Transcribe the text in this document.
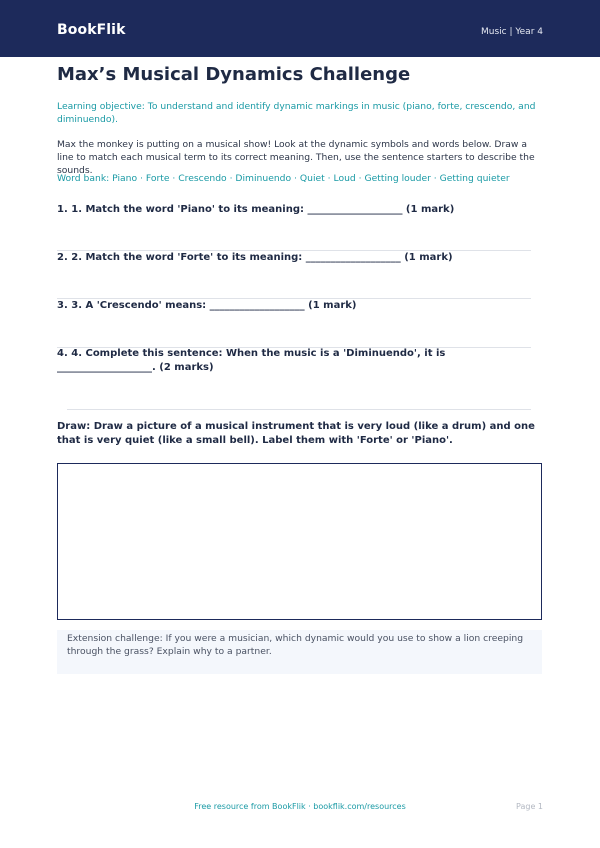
BookFlik	Music | Year 4
Max’s Musical Dynamics Challenge
Learning objective: To understand and identify dynamic markings in music (piano, forte, crescendo, and diminuendo).
Max the monkey is putting on a musical show! Look at the dynamic symbols and words below. Draw a line to match each musical term to its correct meaning. Then, use the sentence starters to describe the sounds.
Word bank: Piano · Forte · Crescendo · Diminuendo · Quiet · Loud · Getting louder · Getting quieter
1. 1. Match the word 'Piano' to its meaning: ___________________ (1 mark)
2. 2. Match the word 'Forte' to its meaning: ___________________ (1 mark)
3. 3. A 'Crescendo' means: ___________________ (1 mark)
4. 4. Complete this sentence: When the music is a 'Diminuendo', it is ___________________. (2 marks)
Draw: Draw a picture of a musical instrument that is very loud (like a drum) and one that is very quiet (like a small bell). Label them with 'Forte' or 'Piano'.
Extension challenge: If you were a musician, which dynamic would you use to show a lion creeping through the grass? Explain why to a partner.
Free resource from BookFlik · bookflik.com/resources	Page 1
